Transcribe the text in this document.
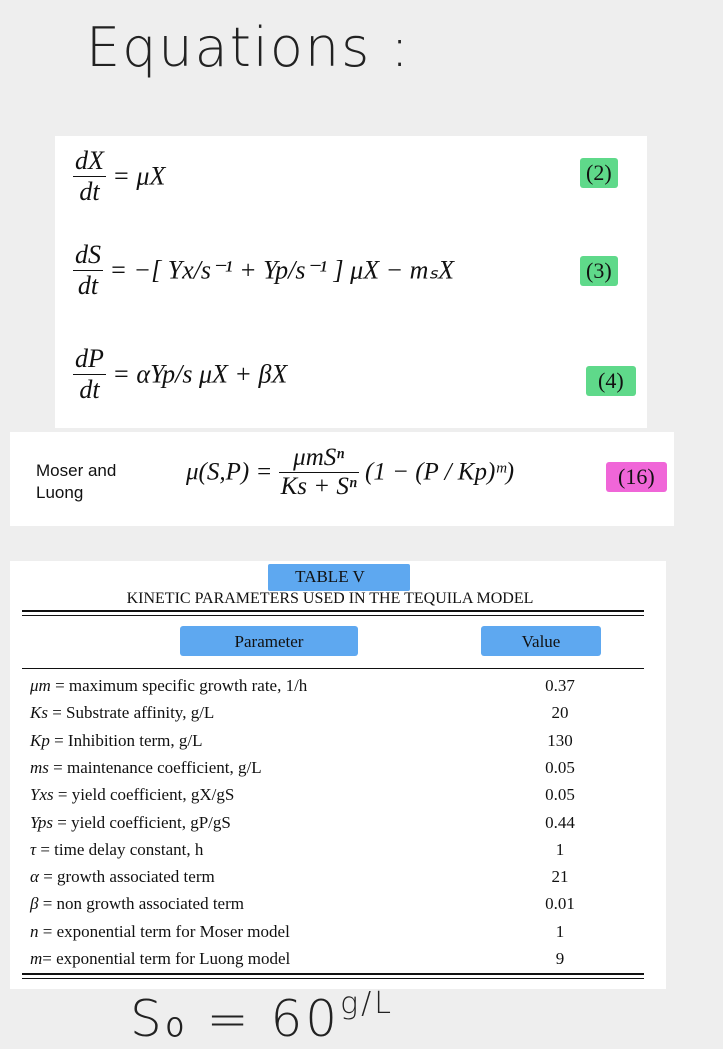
Equations :
$\frac{dX}{dt} = \mu X$	(2)
$\frac{dS}{dt}$ = −[ Yx/s⁻¹ + Yp/s⁻¹ ] μX − mₛX	(3)
$\frac{dP}{dt} = \alpha Yp/s$ μX + βX	(4)
Moser and
Luong
$\mu(S,P) = \frac{\text{μmSⁿ}}{\text{Ks + Sⁿ}} (1 - (P$ / Kp)ᵐ)	(16)
TABLE V
KINETIC PARAMETERS USED IN THE TEQUILA MODEL
Parameter	Value
μm = maximum specific growth rate, 1/h	0.37
Ks = Substrate affinity, g/L	20
Kp = Inhibition term, g/L	130
ms = maintenance coefficient, g/L	0.05
Yxs = yield coefficient, gX/gS	0.05
Yps = yield coefficient, gP/gS	0.44
τ = time delay constant, h	1
α = growth associated term	21
β = non growth associated term	0.01
n = exponential term for Moser model	1
m= exponential term for Luong model	9
$S_0 = 60^{g/L}$
